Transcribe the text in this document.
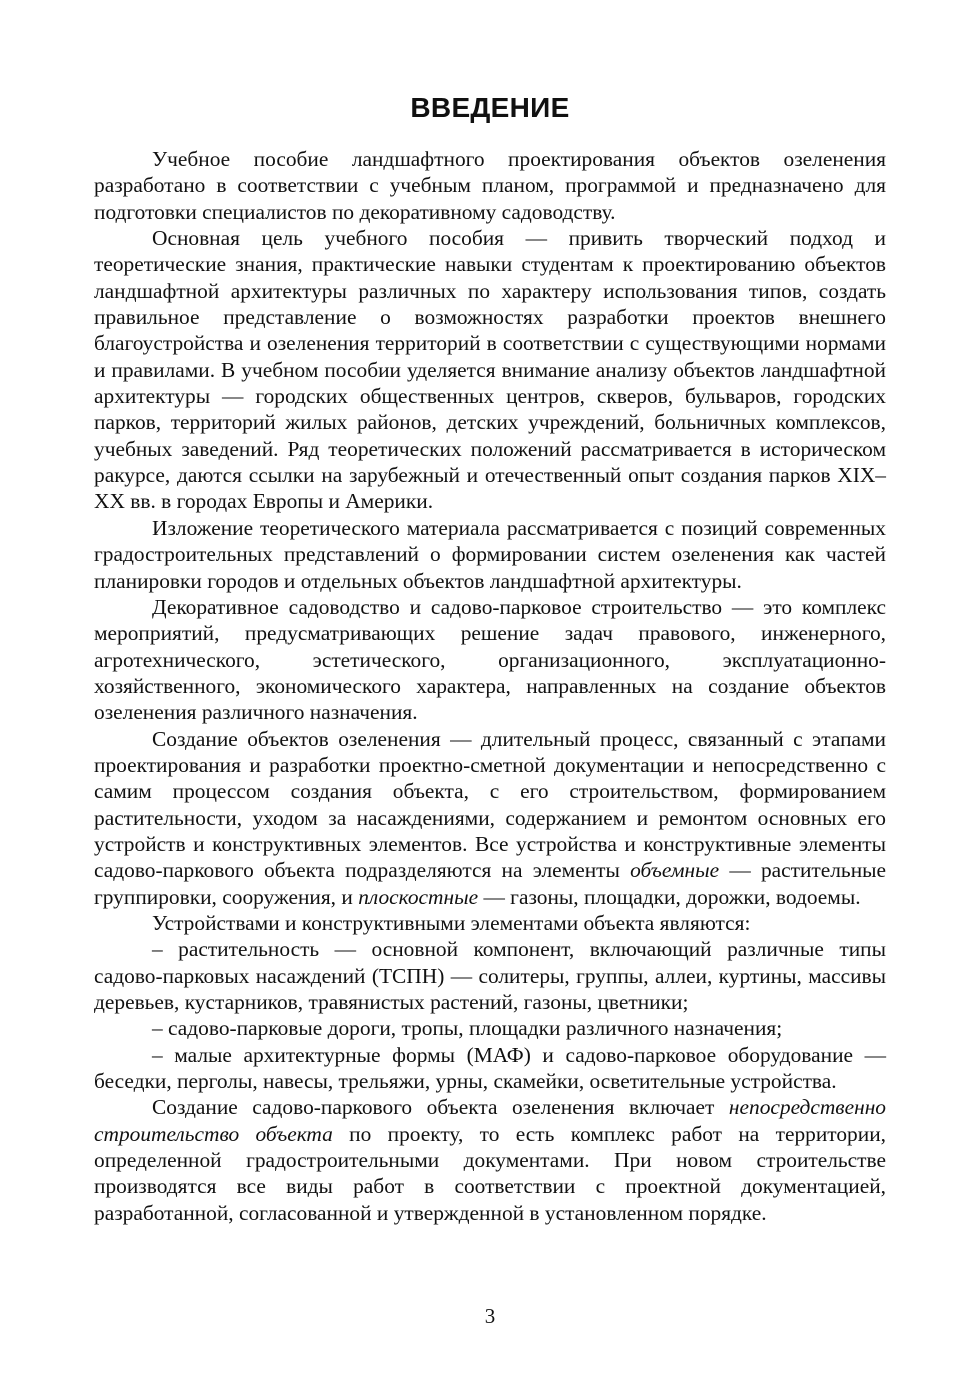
ВВЕДЕНИЕ

Учебное пособие ландшафтного проектирования объектов озеленения разработано в соответствии с учебным планом, программой и предназначено для подготовки специалистов по декоративному садоводству.

Основная цель учебного пособия — привить творческий подход и теоретические знания, практические навыки студентам к проектированию объектов ландшафтной архитектуры различных по характеру использования типов, создать правильное представление о возможностях разработки проектов внешнего благоустройства и озеленения территорий в соответствии с существующими нормами и правилами. В учебном пособии уделяется внимание анализу объектов ландшафтной архитектуры — городских общественных центров, скверов, бульваров, городских парков, территорий жилых районов, детских учреждений, больничных комплексов, учебных заведений. Ряд теоретических положений рассматривается в историческом ракурсе, даются ссылки на зарубежный и отечественный опыт создания парков XIX–XX вв. в городах Европы и Америки.

Изложение теоретического материала рассматривается с позиций современных градостроительных представлений о формировании систем озеленения как частей планировки городов и отдельных объектов ландшафтной архитектуры.

Декоративное садоводство и садово-парковое строительство — это комплекс мероприятий, предусматривающих решение задач правового, инженерного, агротехнического, эстетического, организационного, эксплуатационно-хозяйственного, экономического характера, направленных на создание объектов озеленения различного назначения.

Создание объектов озеленения — длительный процесс, связанный с этапами проектирования и разработки проектно-сметной документации и непосредственно с самим процессом создания объекта, с его строительством, формированием растительности, уходом за насаждениями, содержанием и ремонтом основных его устройств и конструктивных элементов. Все устройства и конструктивные элементы садово-паркового объекта подразделяются на элементы объемные — растительные группировки, сооружения, и плоскостные — газоны, площадки, дорожки, водоемы.

Устройствами и конструктивными элементами объекта являются:

– растительность — основной компонент, включающий различные типы садово-парковых насаждений (ТСПН) — солитеры, группы, аллеи, куртины, массивы деревьев, кустарников, травянистых растений, газоны, цветники;

– садово-парковые дороги, тропы, площадки различного назначения;

– малые архитектурные формы (МАФ) и садово-парковое оборудование — беседки, перголы, навесы, трельяжи, урны, скамейки, осветительные устройства.

Создание садово-паркового объекта озеленения включает непосредственно строительство объекта по проекту, то есть комплекс работ на территории, определенной градостроительными документами. При новом строительстве производятся все виды работ в соответствии с проектной документацией, разработанной, согласованной и утвержденной в установленном порядке.

3
